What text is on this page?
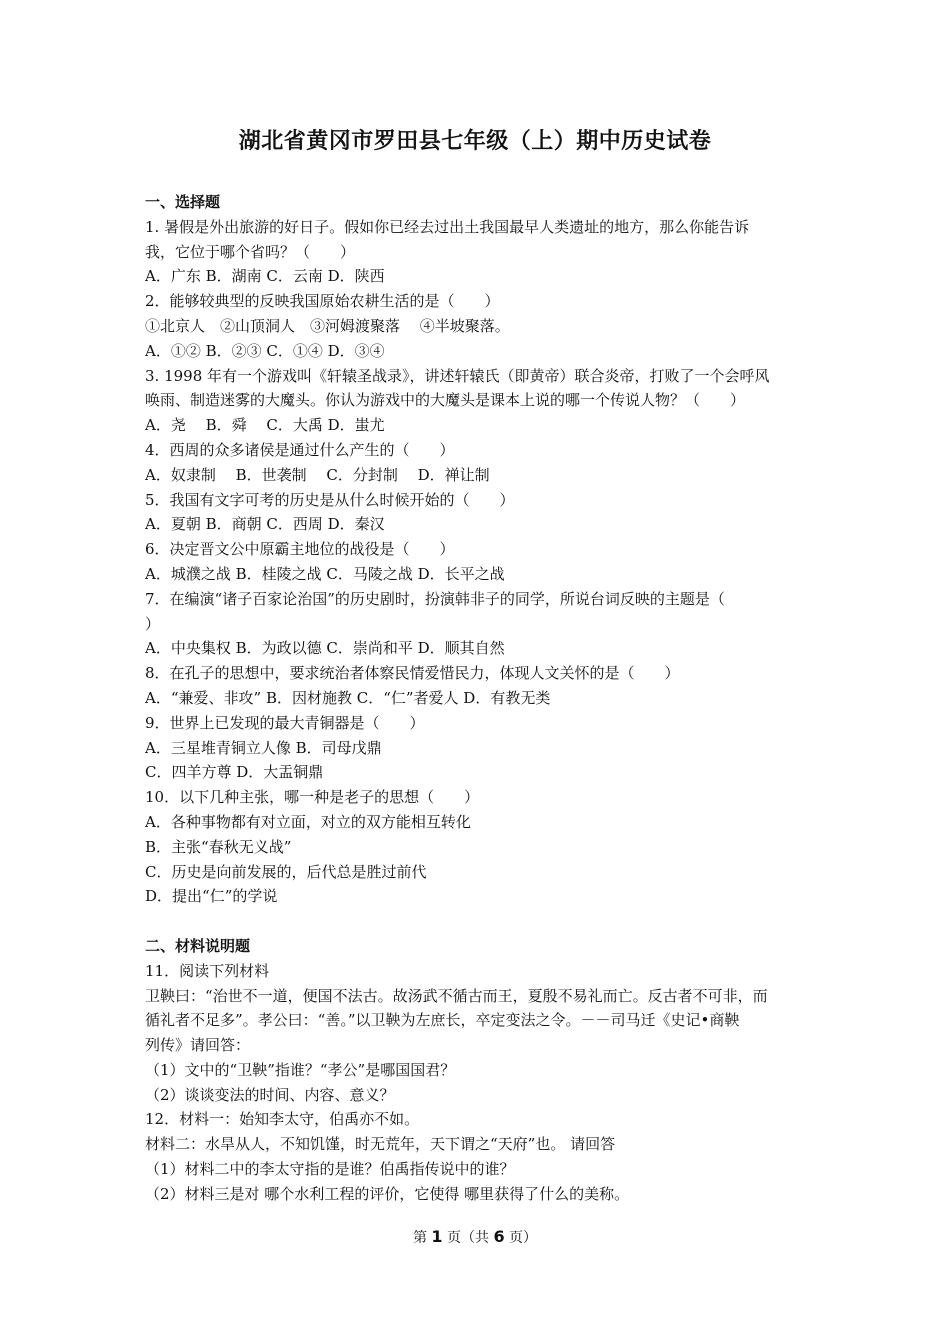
湖北省黄冈市罗田县七年级（上）期中历史试卷
一、选择题
1. 暑假是外出旅游的好日子。假如你已经去过出土我国最早人类遗址的地方，那么你能告诉
我，它位于哪个省吗？（　　）
A．广东 B．湖南 C．云南 D．陕西
2．能够较典型的反映我国原始农耕生活的是（　　）
①北京人　②山顶洞人　③河姆渡聚落　 ④半坡聚落。
A．①② B．②③ C．①④ D．③④
3. 1998 年有一个游戏叫《轩辕圣战录》，讲述轩辕氏（即黄帝）联合炎帝，打败了一个会呼风
唤雨、制造迷雾的大魔头。你认为游戏中的大魔头是课本上说的哪一个传说人物？（　　）
A．尧　 B．舜　 C．大禹 D．蚩尤
4．西周的众多诸侯是通过什么产生的（　　）
A．奴隶制　 B．世袭制　 C．分封制　 D．禅让制
5．我国有文字可考的历史是从什么时候开始的（　　）
A．夏朝 B．商朝 C．西周 D．秦汉
6．决定晋文公中原霸主地位的战役是（　　）
A．城濮之战 B．桂陵之战 C．马陵之战 D．长平之战
7．在编演“诸子百家论治国”的历史剧时，扮演韩非子的同学，所说台词反映的主题是（
）
A．中央集权 B．为政以德 C．崇尚和平 D．顺其自然
8．在孔子的思想中，要求统治者体察民情爱惜民力，体现人文关怀的是（　　）
A．“兼爱、非攻” B．因材施教 C．“仁”者爱人 D．有教无类
9．世界上已发现的最大青铜器是（　　）
A．三星堆青铜立人像 B．司母戊鼎
C．四羊方尊 D．大盂铜鼎
10．以下几种主张，哪一种是老子的思想（　　）
A．各种事物都有对立面，对立的双方能相互转化
B．主张“春秋无义战”
C．历史是向前发展的，后代总是胜过前代
D．提出“仁”的学说
二、材料说明题
11．阅读下列材料
卫鞅曰：“治世不一道，便国不法古。故汤武不循古而王，夏殷不易礼而亡。反古者不可非，而
循礼者不足多”。孝公曰：“善。”以卫鞅为左庶长，卒定变法之令。－－司马迁《史记•商鞅
列传》请回答：
（1）文中的“卫鞅”指谁？“孝公”是哪国国君？
（2）谈谈变法的时间、内容、意义？
12．材料一：始知李太守，伯禹亦不如。
材料二：水旱从人，不知饥馑，时无荒年，天下谓之“天府”也。 请回答
（1）材料二中的李太守指的是谁？伯禹指传说中的谁？
（2）材料三是对 哪个水利工程的评价，它使得 哪里获得了什么的美称。
第 1 页（共 6 页）
